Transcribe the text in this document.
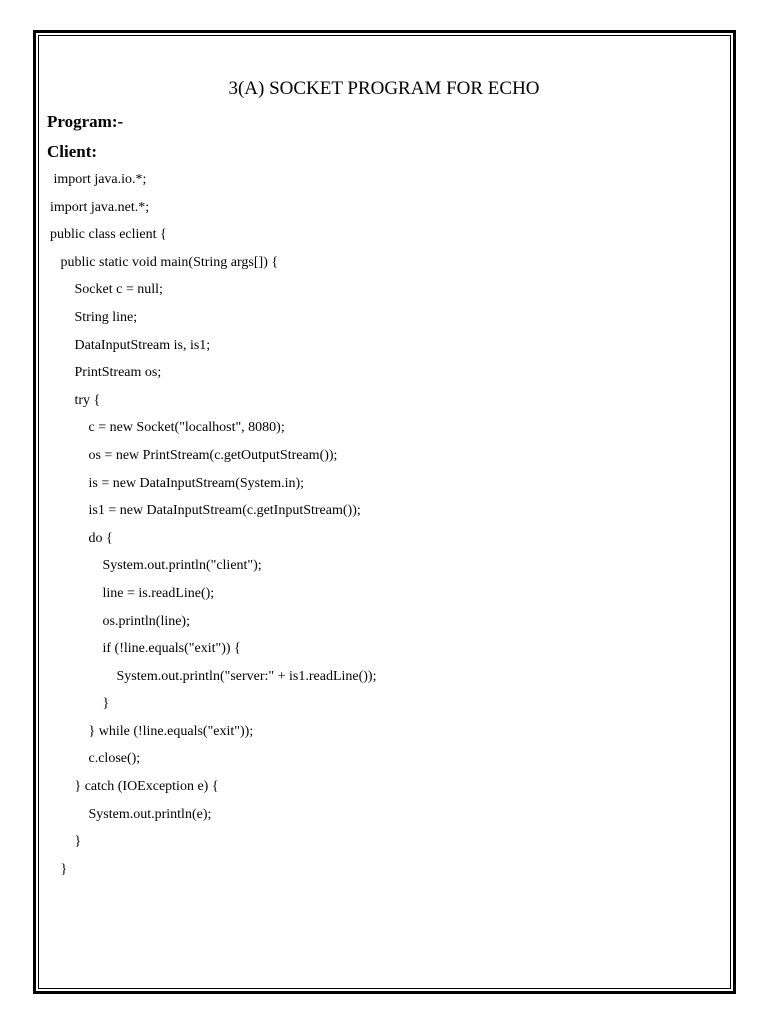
3(A) SOCKET PROGRAM FOR ECHO
Program:-
Client:
import java.io.*;
import java.net.*;
public class eclient {
public static void main(String args[]) {
Socket c = null;
String line;
DataInputStream is, is1;
PrintStream os;
try {
c = new Socket("localhost", 8080);
os = new PrintStream(c.getOutputStream());
is = new DataInputStream(System.in);
is1 = new DataInputStream(c.getInputStream());
do {
System.out.println("client");
line = is.readLine();
os.println(line);
if (!line.equals("exit")) {
System.out.println("server:" + is1.readLine());
}
} while (!line.equals("exit"));
c.close();
} catch (IOException e) {
System.out.println(e);
}
}
